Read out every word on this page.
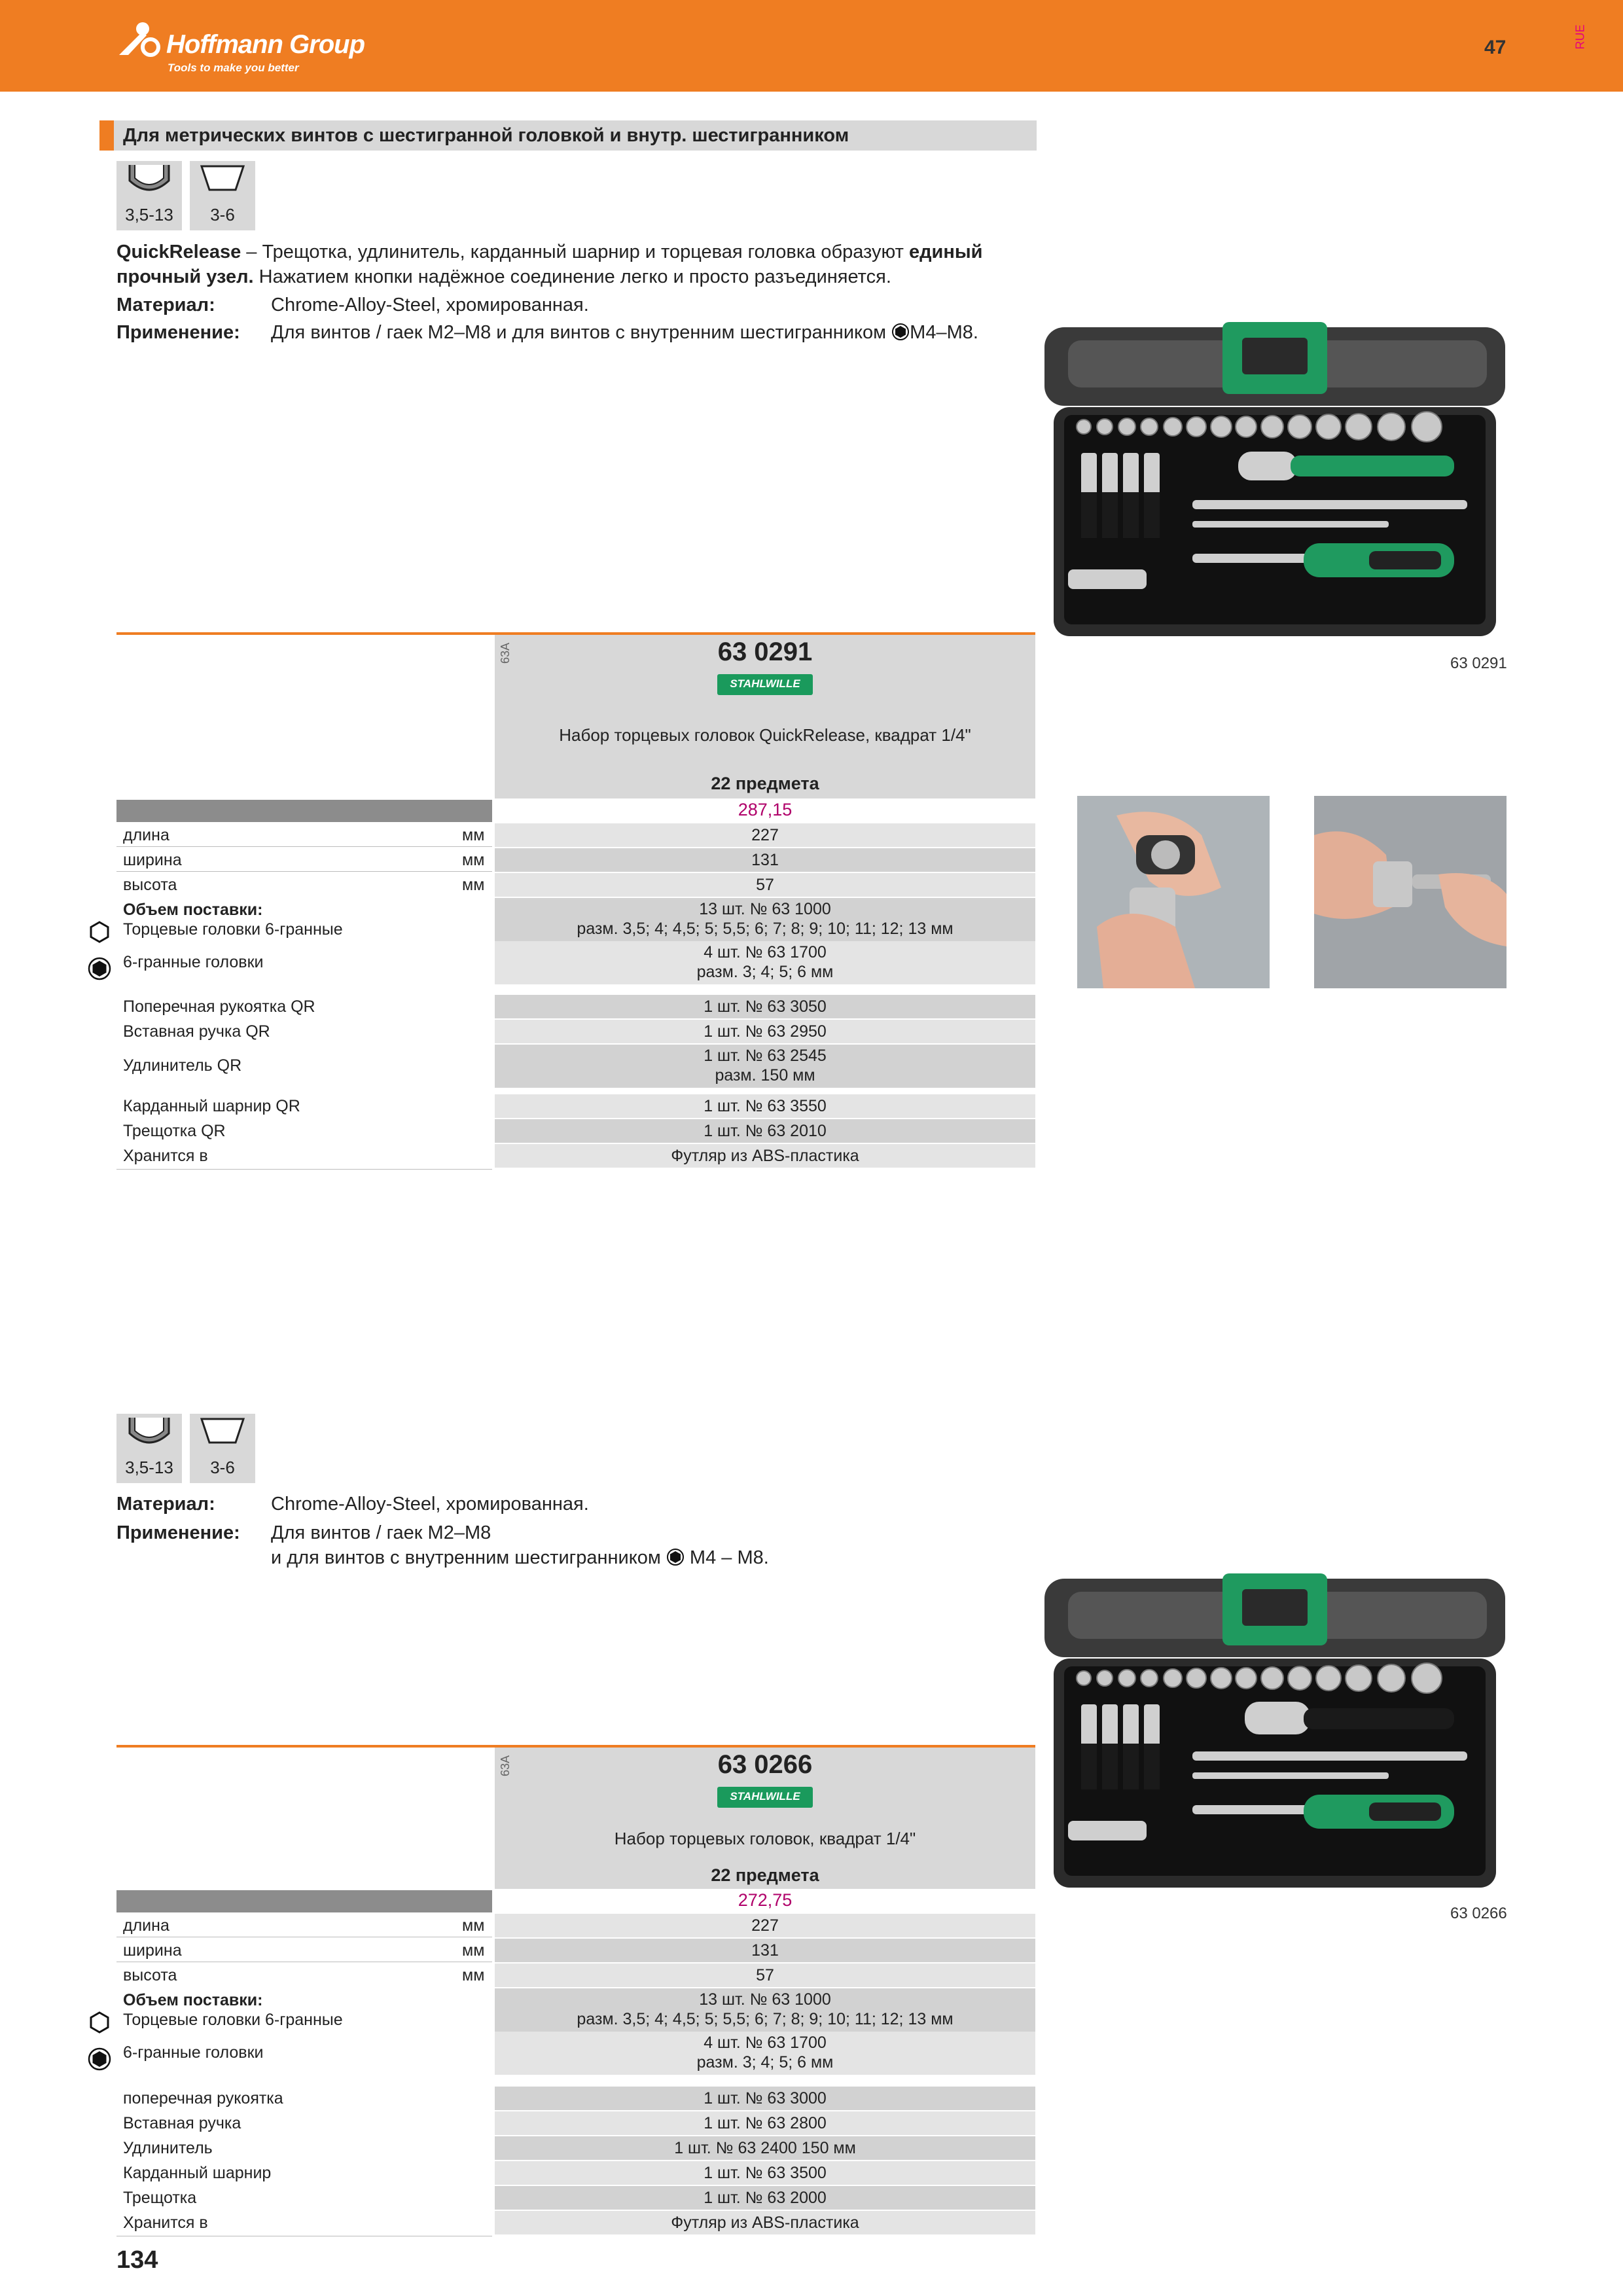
Hoffmann Group
Tools to make you better
47	RUE
Для метрических винтов с шестигранной головкой и внутр. шестигранником
3,5-13	3-6
QuickRelease – Трещотка, удлинитель, карданный шарнир и торцевая головка образуют единый прочный узел. Нажатием кнопки надёжное соединение легко и просто разъединяется.
Материал:	Chrome-Alloy-Steel, хромированная.
Применение: Для винтов / гаек M2–M8 и для винтов с внутренним шестигранником M4–M8.
63 0291
63A	63 0291
STAHLWILLE
Набор торцевых головок QuickRelease, квадрат 1/4"
22 предмета
287,15
длина	мм	227
ширина	мм	131
высота	мм	57
Объем поставки:
Торцевые головки 6-гранные
13 шт. № 63 1000
разм. 3,5; 4; 4,5; 5; 5,5; 6; 7; 8; 9; 10; 11; 12; 13 мм
6-гранные головки
4 шт. № 63 1700
разм. 3; 4; 5; 6 мм
Поперечная рукоятка QR	1 шт. № 63 3050
Вставная ручка QR	1 шт. № 63 2950
Удлинитель QR
1 шт. № 63 2545
разм. 150 мм
Карданный шарнир QR	1 шт. № 63 3550
Трещотка QR	1 шт. № 63 2010
Хранится в	Футляр из ABS-пластика
3,5-13	3-6
Материал:	Chrome-Alloy-Steel, хромированная.
Применение: Для винтов / гаек M2–M8
и для винтов с внутренним шестигранником M4 – M8.
63 0266
63A	63 0266
STAHLWILLE
Набор торцевых головок, квадрат 1/4"
22 предмета
272,75
длина	мм	227
ширина	мм	131
высота	мм	57
Объем поставки:
Торцевые головки 6-гранные
13 шт. № 63 1000
разм. 3,5; 4; 4,5; 5; 5,5; 6; 7; 8; 9; 10; 11; 12; 13 мм
6-гранные головки
4 шт. № 63 1700
разм. 3; 4; 5; 6 мм
поперечная рукоятка	1 шт. № 63 3000
Вставная ручка	1 шт. № 63 2800
Удлинитель	1 шт. № 63 2400 150 мм
Карданный шарнир	1 шт. № 63 3500
Трещотка	1 шт. № 63 2000
Хранится в	Футляр из ABS-пластика
134
